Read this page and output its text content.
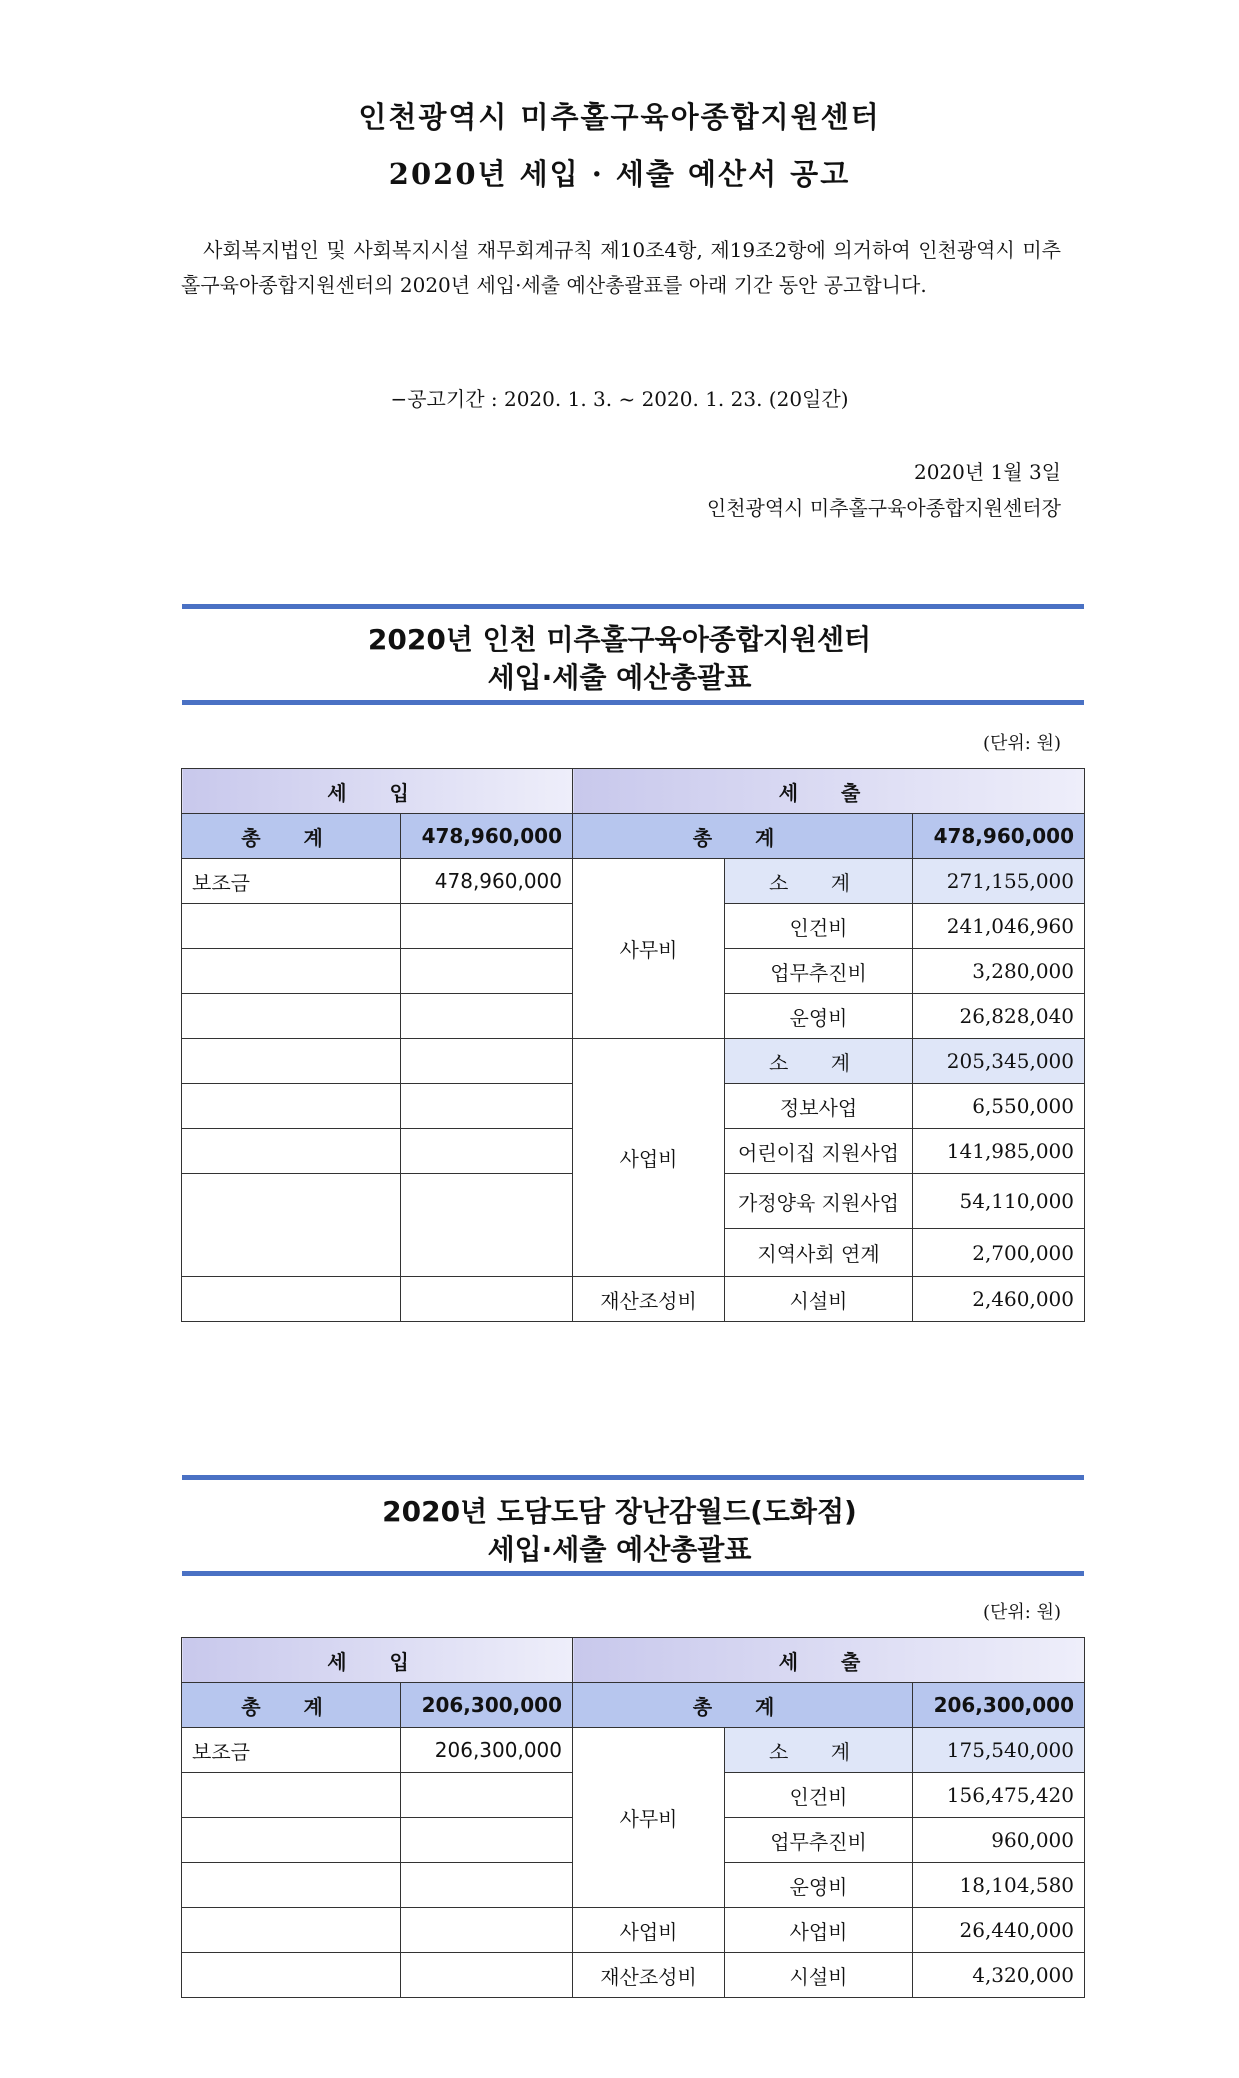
인천광역시 미추홀구육아종합지원센터
2020년 세입 · 세출 예산서 공고
사회복지법인 및 사회복지시설 재무회계규칙 제10조4항, 제19조2항에 의거하여 인천광역시 미추홀구육아종합지원센터의 2020년 세입·세출 예산총괄표를 아래 기간 동안 공고합니다.
−공고기간 : 2020. 1. 3. ~ 2020. 1. 23. (20일간)
2020년 1월 3일
인천광역시 미추홀구육아종합지원센터장
2020년 인천 미추홀구육아종합지원센터
세입·세출 예산총괄표
(단위: 원)
세 입		세 출		
총 계	478,960,000	총 계		478,960,000
보조금	478,960,000	사무비	소 계	271,155,000
			인건비	241,046,960
			업무추진비	3,280,000
			운영비	26,828,040
		사업비	소 계	205,345,000
			정보사업	6,550,000
			어린이집 지원사업	141,985,000
			가정양육 지원사업	54,110,000
			지역사회 연계	2,700,000
		재산조성비	시설비	2,460,000
2020년 도담도담 장난감월드(도화점)
세입·세출 예산총괄표
(단위: 원)
세 입		세 출		
총 계	206,300,000	총 계		206,300,000
보조금	206,300,000	사무비	소 계	175,540,000
			인건비	156,475,420
			업무추진비	960,000
			운영비	18,104,580
		사업비	사업비	26,440,000
		재산조성비	시설비	4,320,000
